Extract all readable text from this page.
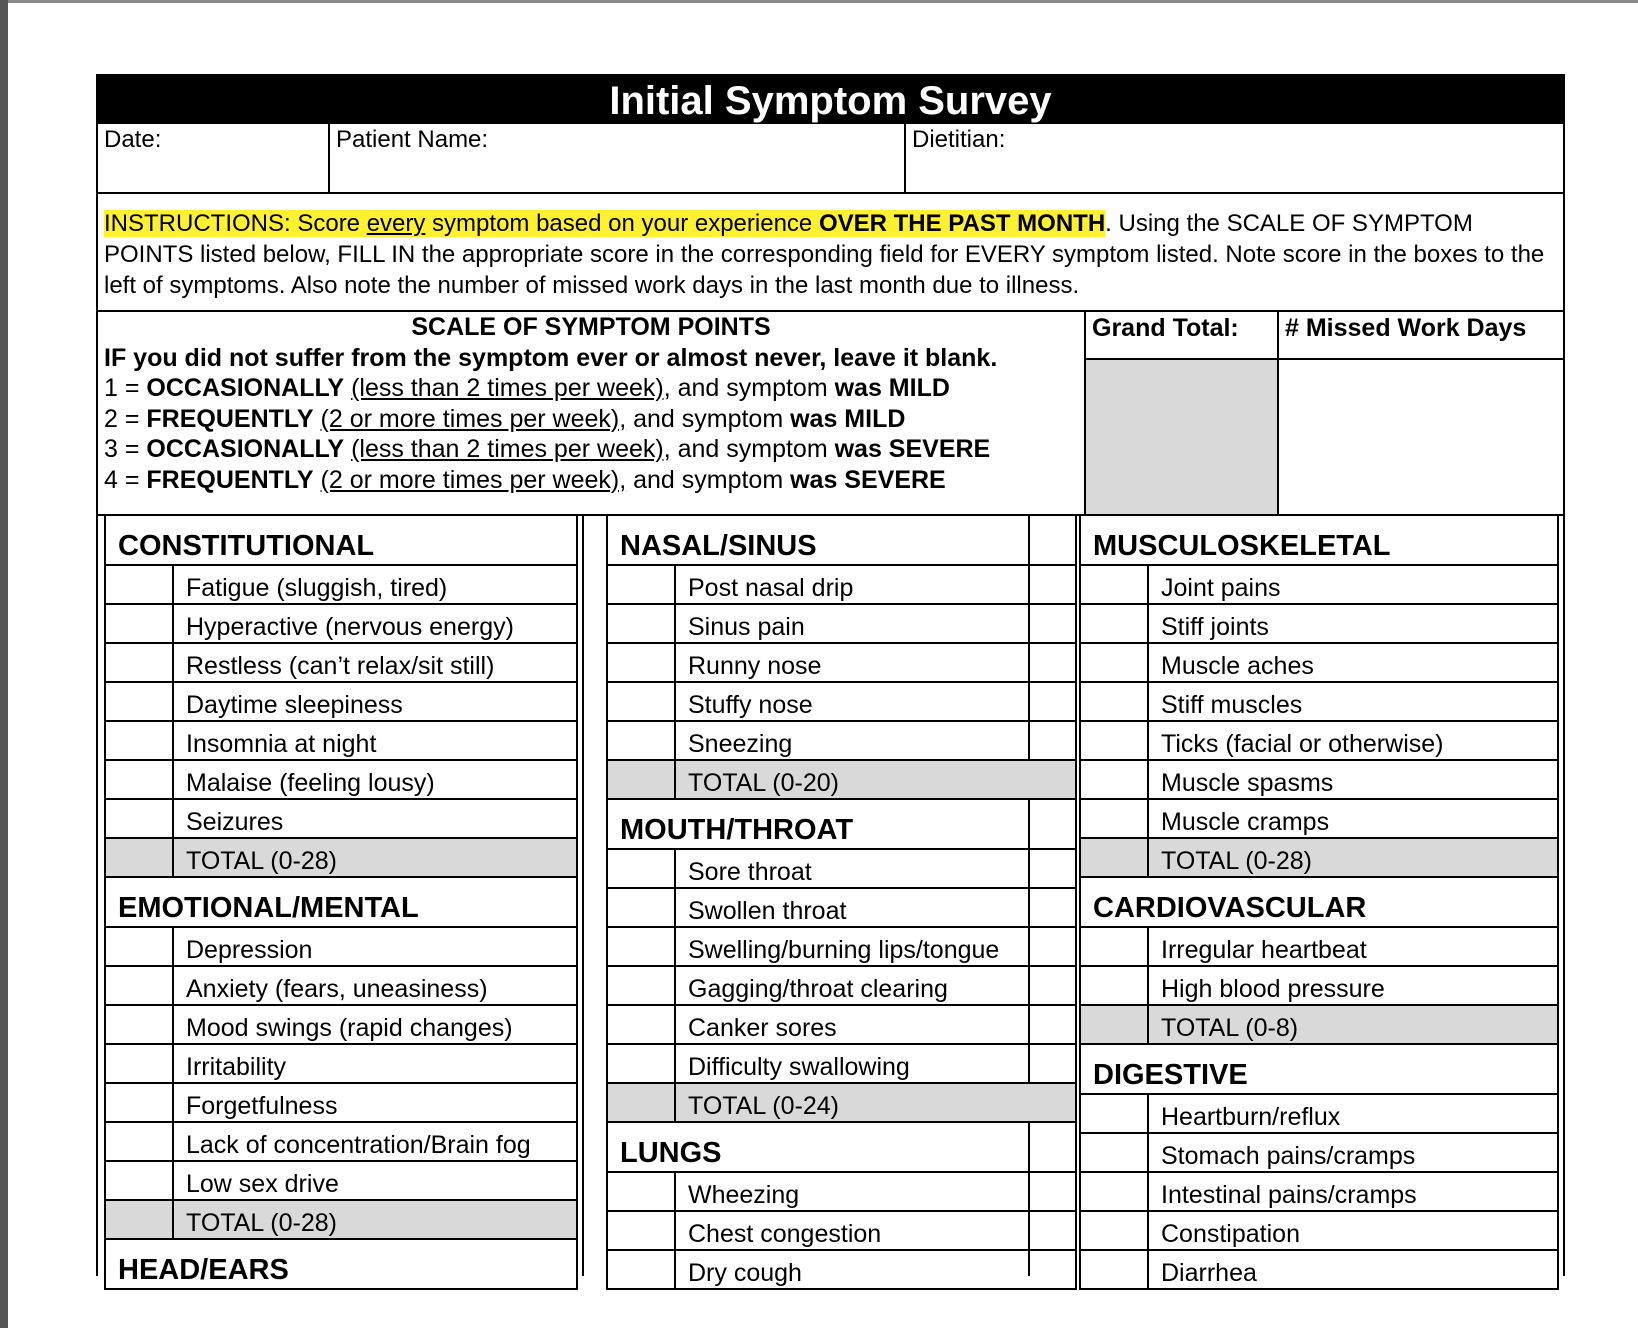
Initial Symptom Survey
Date:	Patient Name:	Dietitian:
INSTRUCTIONS: Score every symptom based on your experience OVER THE PAST MONTH. Using the SCALE OF SYMPTOM POINTS listed below, FILL IN the appropriate score in the corresponding field for EVERY symptom listed. Note score in the boxes to the left of symptoms. Also note the number of missed work days in the last month due to illness.
SCALE OF SYMPTOM POINTS
IF you did not suffer from the symptom ever or almost never, leave it blank.
1 = OCCASIONALLY (less than 2 times per week), and symptom was MILD
2 = FREQUENTLY (2 or more times per week), and symptom was MILD
3 = OCCASIONALLY (less than 2 times per week), and symptom was SEVERE
4 = FREQUENTLY (2 or more times per week), and symptom was SEVERE
Grand Total:	# Missed Work Days
CONSTITUTIONAL
Fatigue (sluggish, tired)
Hyperactive (nervous energy)
Restless (can’t relax/sit still)
Daytime sleepiness
Insomnia at night
Malaise (feeling lousy)
Seizures
TOTAL (0-28)
EMOTIONAL/MENTAL
Depression
Anxiety (fears, uneasiness)
Mood swings (rapid changes)
Irritability
Forgetfulness
Lack of concentration/Brain fog
Low sex drive
TOTAL (0-28)
HEAD/EARS
NASAL/SINUS
Post nasal drip
Sinus pain
Runny nose
Stuffy nose
Sneezing
TOTAL (0-20)
MOUTH/THROAT
Sore throat
Swollen throat
Swelling/burning lips/tongue
Gagging/throat clearing
Canker sores
Difficulty swallowing
TOTAL (0-24)
LUNGS
Wheezing
Chest congestion
Dry cough
MUSCULOSKELETAL
Joint pains
Stiff joints
Muscle aches
Stiff muscles
Ticks (facial or otherwise)
Muscle spasms
Muscle cramps
TOTAL (0-28)
CARDIOVASCULAR
Irregular heartbeat
High blood pressure
TOTAL (0-8)
DIGESTIVE
Heartburn/reflux
Stomach pains/cramps
Intestinal pains/cramps
Constipation
Diarrhea
